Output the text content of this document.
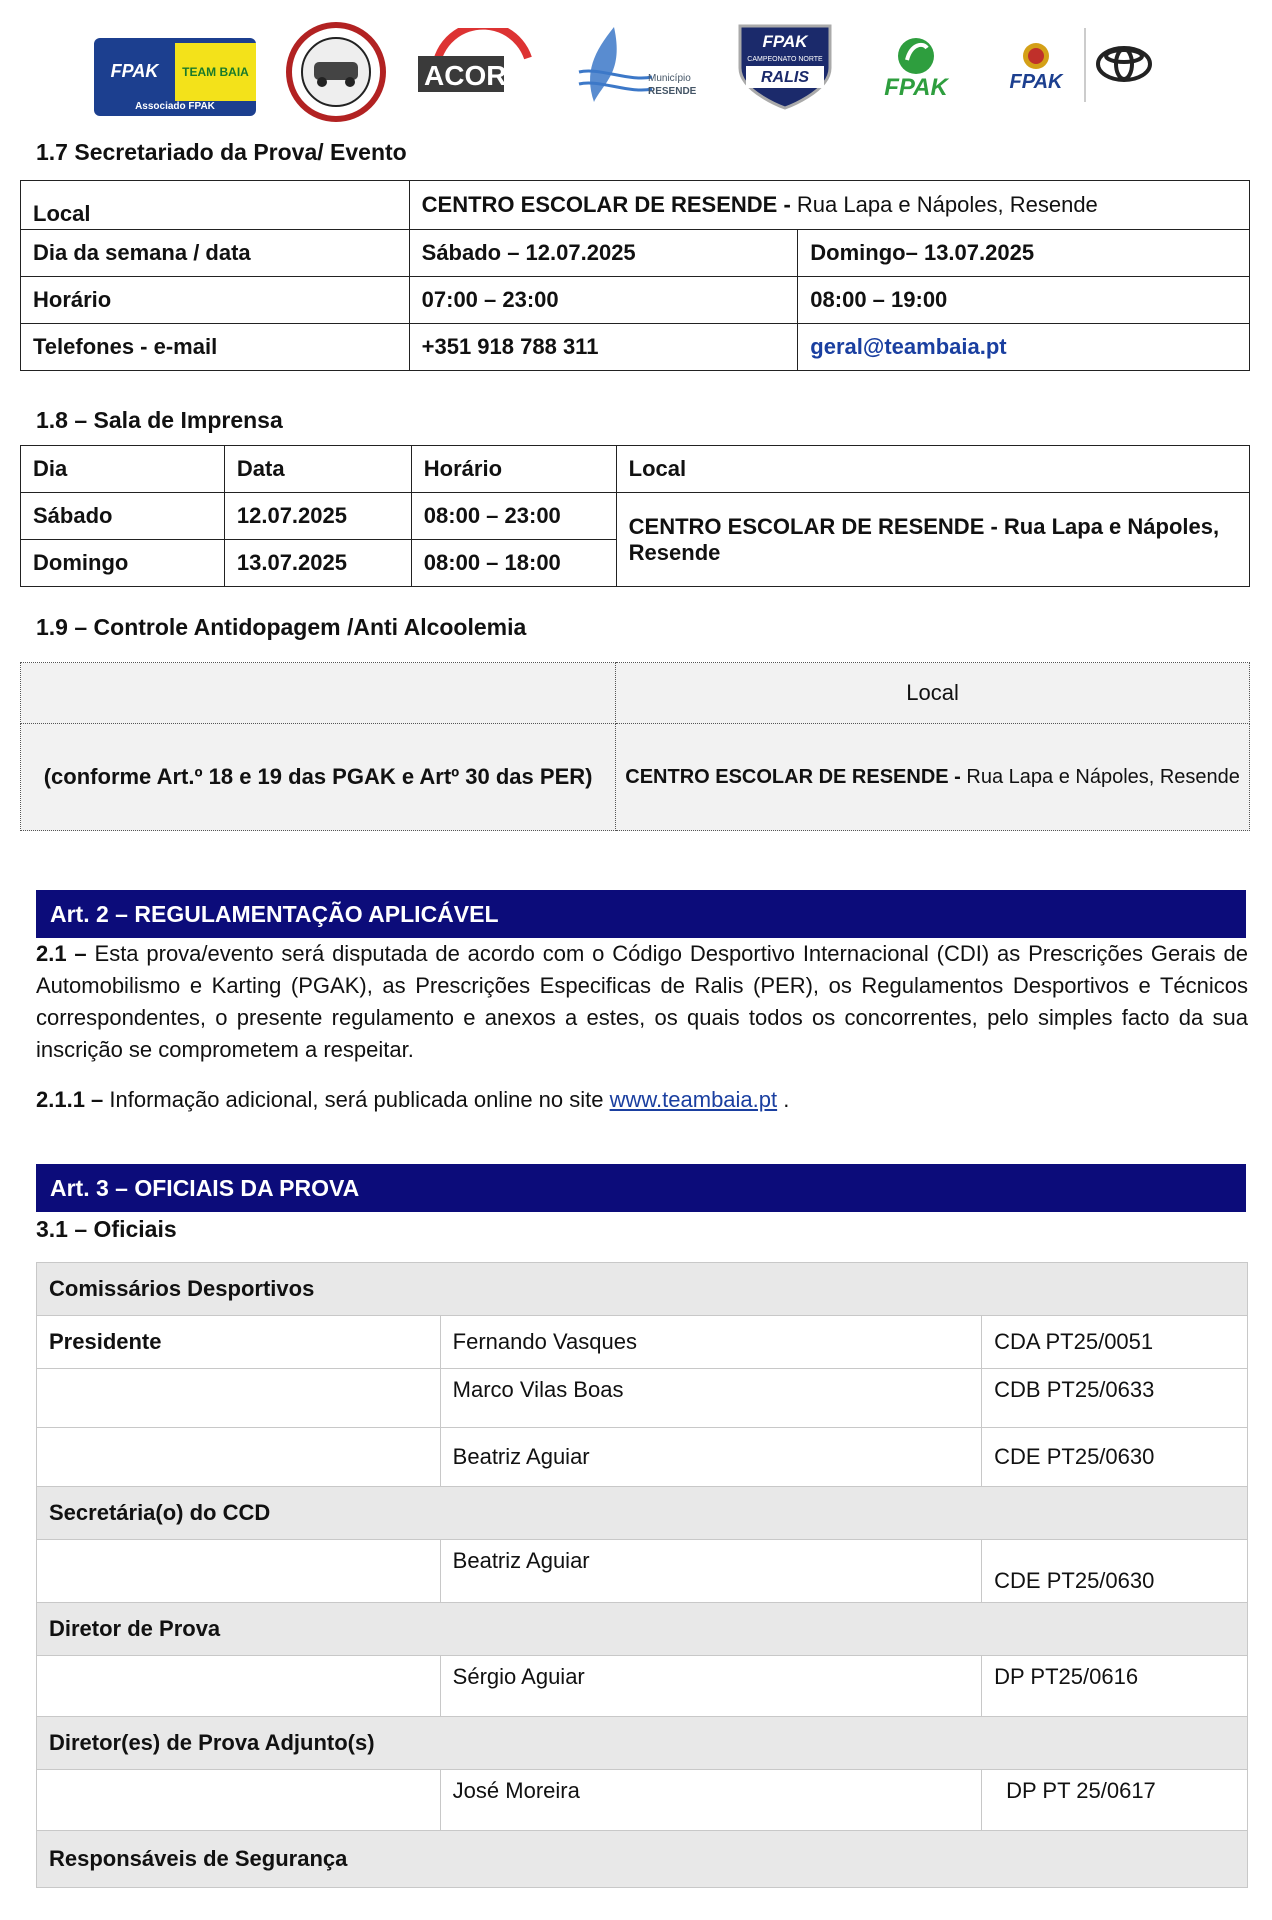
FPAK	TEAM BAIA
Associado FPAK
ACOR	Município
RESENDE
FPAK
CAMPEONATO NORTE
RALIS	FPAK	FPAK
1.7 Secretariado da Prova/ Evento
Local	CENTRO ESCOLAR DE RESENDE - Rua Lapa e Nápoles, Resende	
Dia da semana / data	Sábado – 12.07.2025	Domingo– 13.07.2025
Horário	07:00 – 23:00	08:00 – 19:00
Telefones - e-mail	+351 918 788 311	geral@teambaia.pt
1.8 – Sala de Imprensa
Dia	Data	Horário	Local
Sábado	12.07.2025	08:00 – 23:00	CENTRO ESCOLAR DE RESENDE - Rua Lapa e Nápoles, Resende
Domingo	13.07.2025	08:00 – 18:00	
1.9 – Controle Antidopagem /Anti Alcoolemia
	Local
(conforme Art.º 18 e 19 das PGAK e Artº 30 das PER)	CENTRO ESCOLAR DE RESENDE - Rua Lapa e Nápoles, Resende
Art. 2 – REGULAMENTAÇÃO APLICÁVEL
2.1 – Esta prova/evento será disputada de acordo com o Código Desportivo Internacional (CDI) as Prescrições Gerais de Automobilismo e Karting (PGAK), as Prescrições Especificas de Ralis (PER), os Regulamentos Desportivos e Técnicos correspondentes, o presente regulamento e anexos a estes, os quais todos os concorrentes, pelo simples facto da sua inscrição se comprometem a respeitar.
2.1.1 – Informação adicional, será publicada online no site www.teambaia.pt .
Art. 3 – OFICIAIS DA PROVA
3.1 – Oficiais
Comissários Desportivos		
Presidente	Fernando Vasques	CDA PT25/0051
	Marco Vilas Boas	CDB PT25/0633
	Beatriz Aguiar	CDE PT25/0630
Secretária(o) do CCD		
	Beatriz Aguiar	CDE PT25/0630
Diretor de Prova		
	Sérgio Aguiar	DP PT25/0616
Diretor(es) de Prova Adjunto(s)		
	José Moreira	DP PT 25/0617
Responsáveis de Segurança		
